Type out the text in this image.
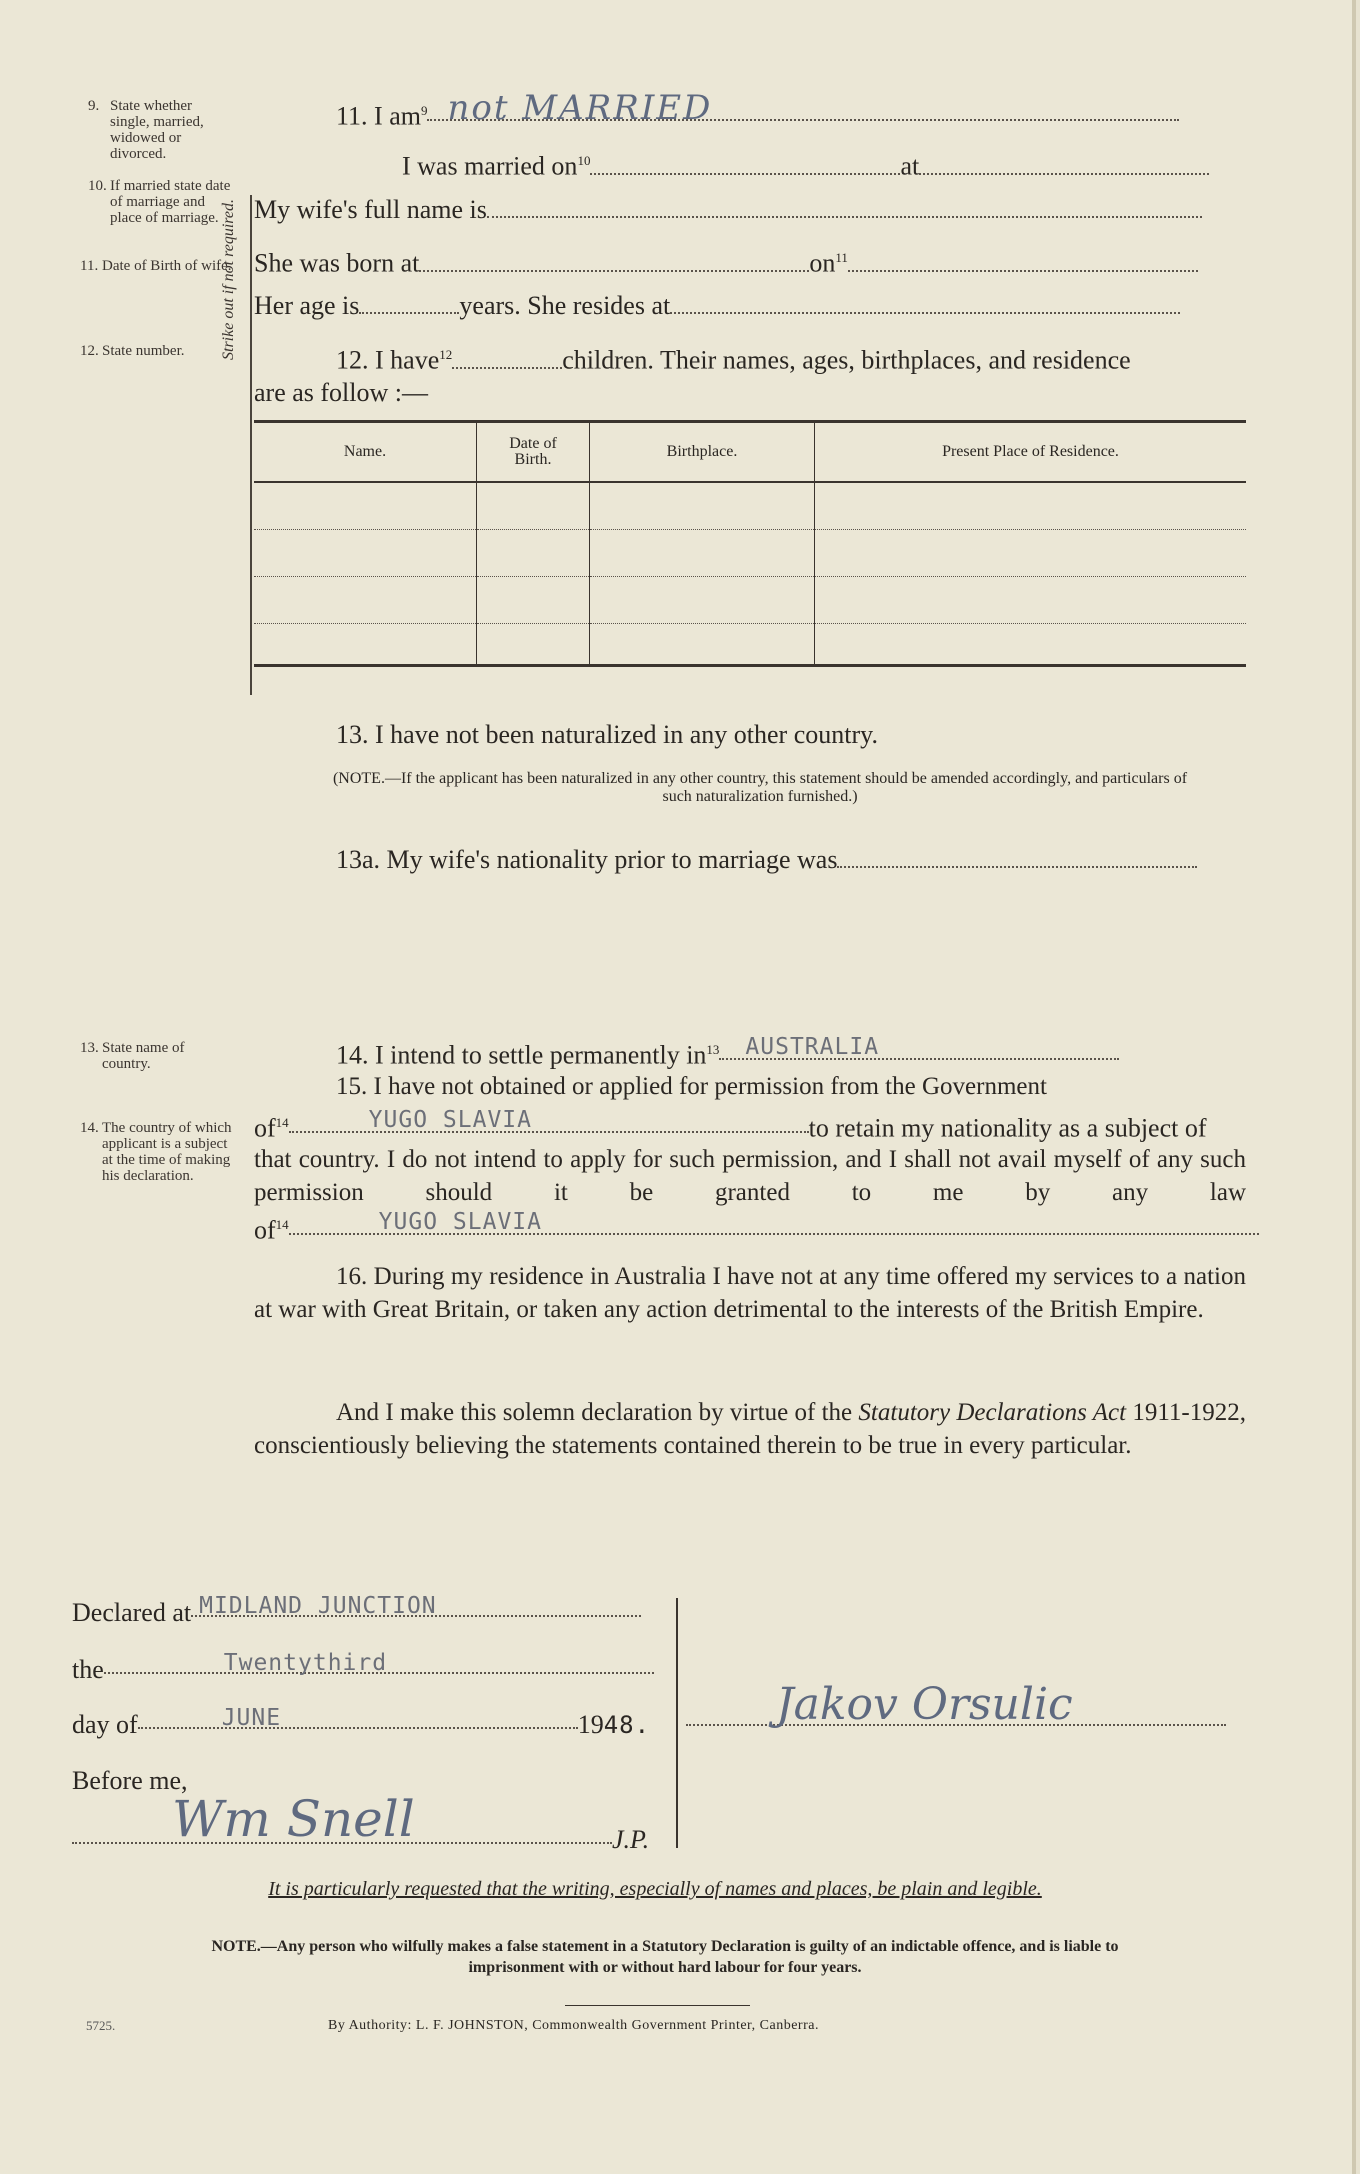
9. State whether single, married, widowed or divorced.
10. If married state date of marriage and place of marriage.
11. Date of Birth of wife.
12. State number.
13. State name of country.
14. The country of which applicant is a subject at the time of making his declaration.
Strike out if not required.
11. I $am^9$ not MARRIED
I was married $on^{10}$	at
My wife's full name is
She was born at	$on^{11}$
Her age is	years. She resides at
12. I have$^{12}$	children. Their names, ages, birthplaces, and residence
are as follow :—
Name.	Date of Birth.	Birthplace.	Present Place of Residence.

13. I have not been naturalized in any other country.
(NOTE.—If the applicant has been naturalized in any other country, this statement should be amended accordingly, and particulars of such naturalization furnished.)
13a. My wife's nationality prior to marriage was
14. I intend to settle permanently $in^{13}$ AUSTRALIA
15. I have not obtained or applied for permission from the Government
$of^{14}$	YUGO SLAVIA	to retain my nationality as a subject of
that country. I do not intend to apply for such permission, and I shall not avail myself of any such permission should it be granted to me by any law
$of^{14}$	YUGO SLAVIA
16. During my residence in Australia I have not at any time offered my services to a nation at war with Great Britain, or taken any action detrimental to the interests of the British Empire.
And I make this solemn declaration by virtue of the Statutory Declarations Act 1911-1922, conscientiously believing the statements contained therein to be true in every particular.
Declared at MIDLAND JUNCTION
the	Twentythird
day of	JUNE	1948.
Before me,
Wm Snell	J.P.
Jakov Orsulic
It is particularly requested that the writing, especially of names and places, be plain and legible.
NOTE.—Any person who wilfully makes a false statement in a Statutory Declaration is guilty of an indictable offence, and is liable to imprisonment with or without hard labour for four years.
5725.	By Authority: L. F. JOHNSTON, Commonwealth Government Printer, Canberra.
